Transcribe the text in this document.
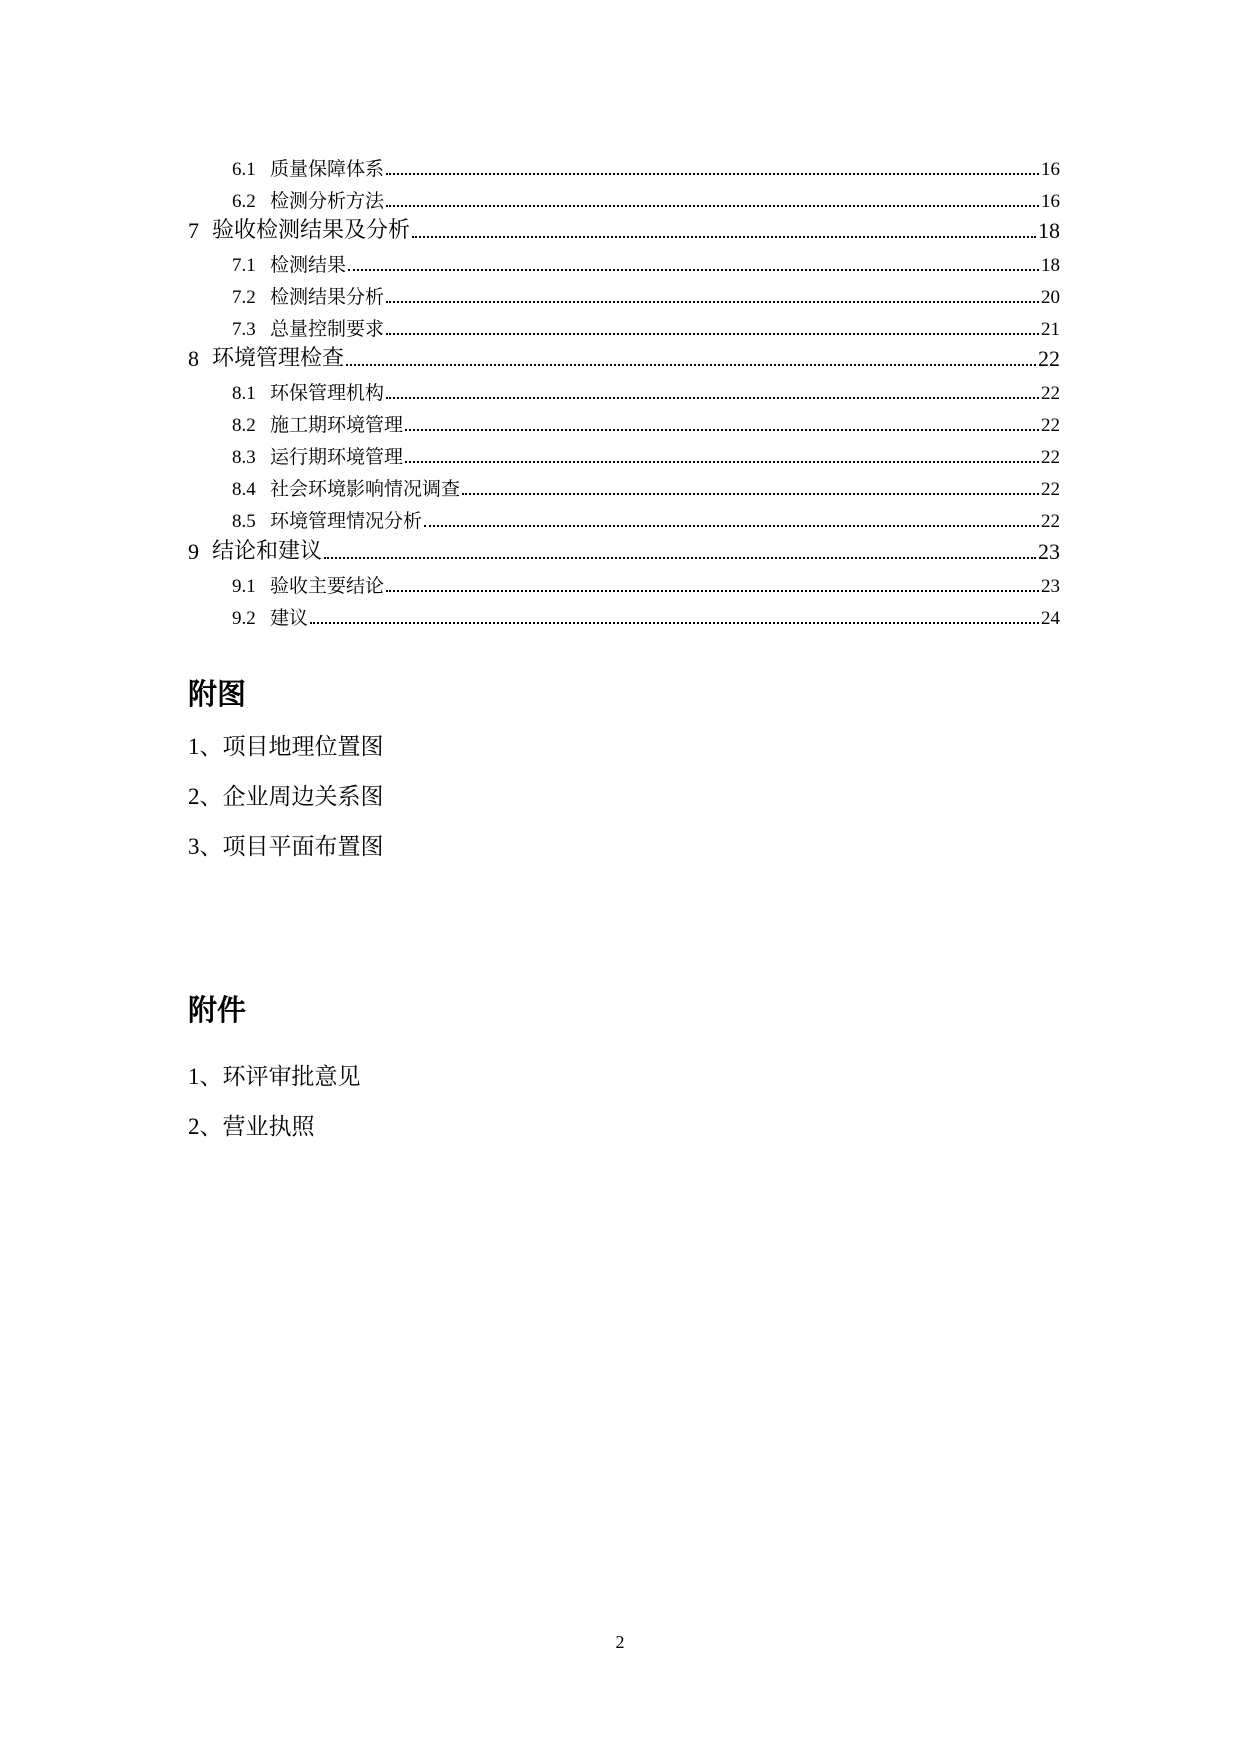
6.1 质量保障体系	16
6.2 检测分析方法	16
7 验收检测结果及分析	18
7.1 检测结果	18
7.2 检测结果分析	20
7.3 总量控制要求	21
8 环境管理检查	22
8.1 环保管理机构	22
8.2 施工期环境管理	22
8.3 运行期环境管理	22
8.4 社会环境影响情况调查	22
8.5 环境管理情况分析	22
9 结论和建议	23
9.1 验收主要结论	23
9.2 建议	24
附图
1、项目地理位置图
2、企业周边关系图
3、项目平面布置图
附件
1、环评审批意见
2、营业执照
2
